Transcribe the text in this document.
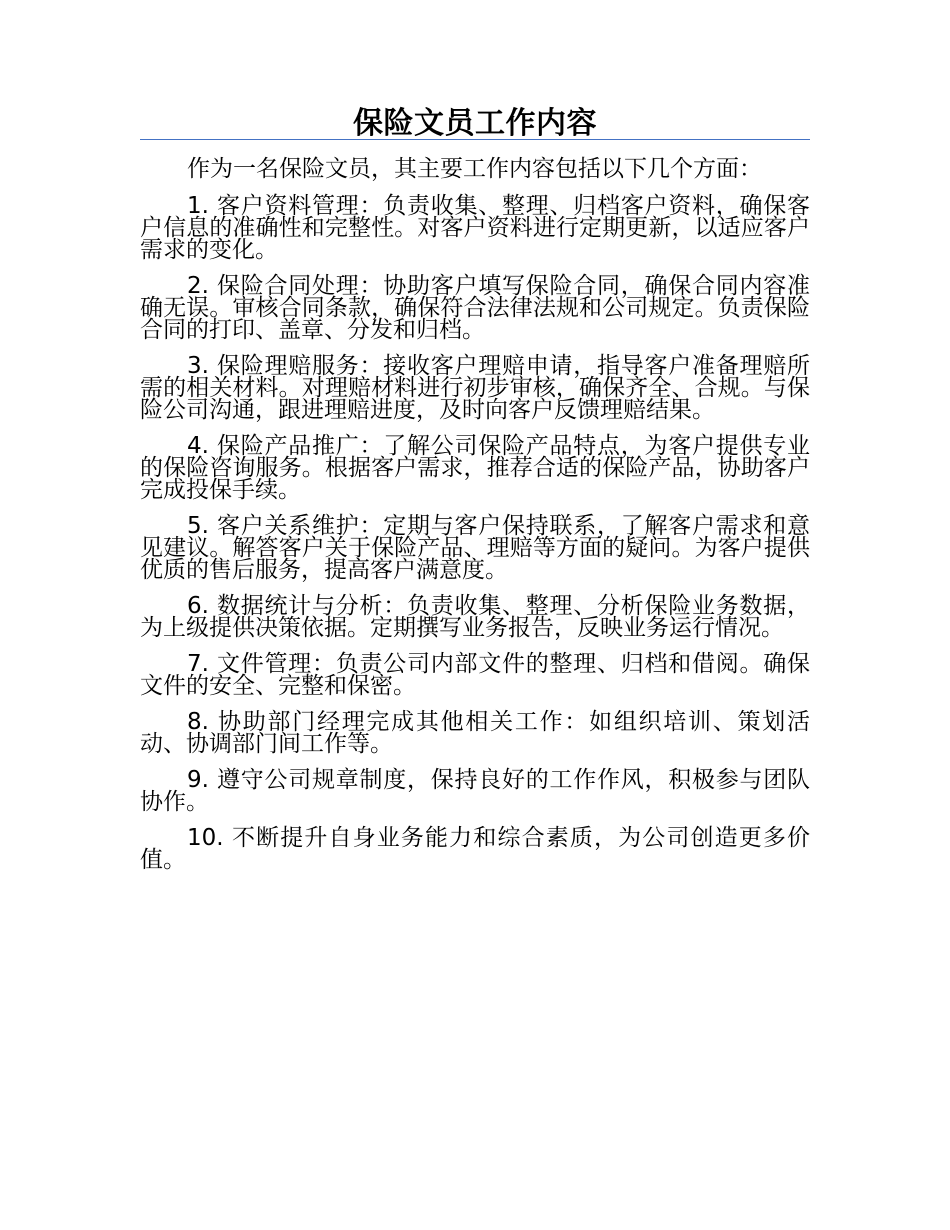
保险文员工作内容

作为一名保险文员，其主要工作内容包括以下几个方面：

1. 客户资料管理：负责收集、整理、归档客户资料，确保客户信息的准确性和完整性。对客户资料进行定期更新，以适应客户需求的变化。

2. 保险合同处理：协助客户填写保险合同，确保合同内容准确无误。审核合同条款，确保符合法律法规和公司规定。负责保险合同的打印、盖章、分发和归档。

3. 保险理赔服务：接收客户理赔申请，指导客户准备理赔所需的相关材料。对理赔材料进行初步审核，确保齐全、合规。与保险公司沟通，跟进理赔进度，及时向客户反馈理赔结果。

4. 保险产品推广：了解公司保险产品特点，为客户提供专业的保险咨询服务。根据客户需求，推荐合适的保险产品，协助客户完成投保手续。

5. 客户关系维护：定期与客户保持联系，了解客户需求和意见建议。解答客户关于保险产品、理赔等方面的疑问。为客户提供优质的售后服务，提高客户满意度。

6. 数据统计与分析：负责收集、整理、分析保险业务数据，为上级提供决策依据。定期撰写业务报告，反映业务运行情况。

7. 文件管理：负责公司内部文件的整理、归档和借阅。确保文件的安全、完整和保密。

8. 协助部门经理完成其他相关工作：如组织培训、策划活动、协调部门间工作等。

9. 遵守公司规章制度，保持良好的工作作风，积极参与团队协作。

10. 不断提升自身业务能力和综合素质，为公司创造更多价值。
